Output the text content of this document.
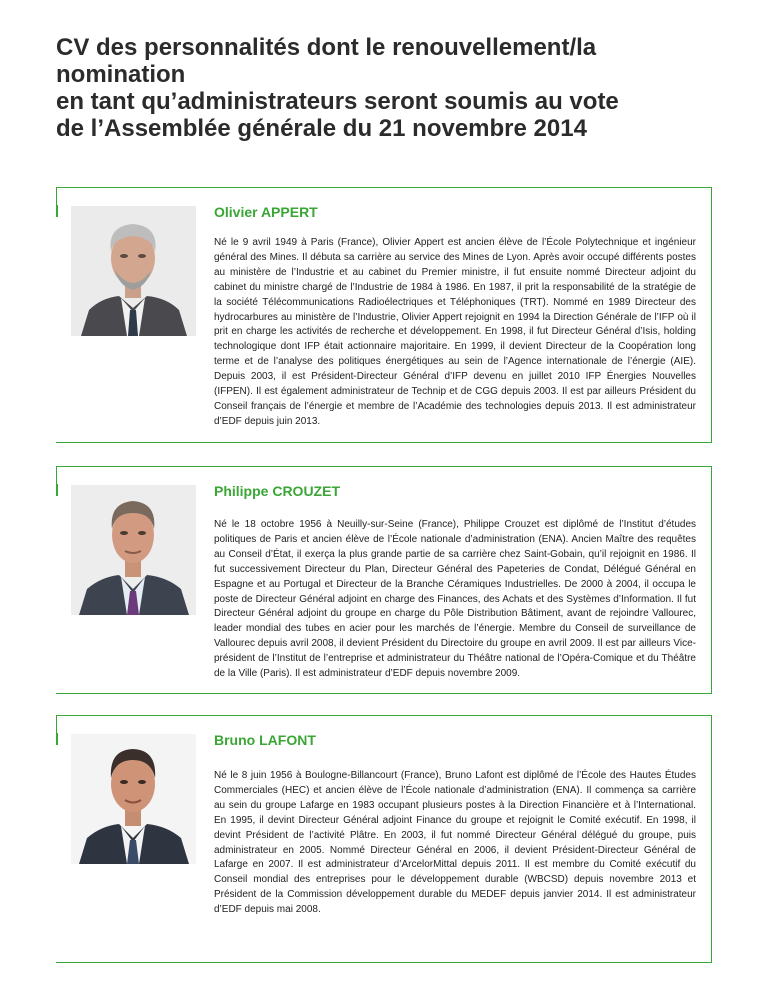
CV des personnalités dont le renouvellement/la nomination
en tant qu’administrateurs seront soumis au vote
de l’Assemblée générale du 21 novembre 2014
Olivier APPERT

Né le 9 avril 1949 à Paris (France), Olivier Appert est ancien élève de l’École Polytechnique et ingénieur général des Mines. Il débuta sa carrière au service des Mines de Lyon. Après avoir occupé différents postes au ministère de l’Industrie et au cabinet du Premier ministre, il fut ensuite nommé Directeur adjoint du cabinet du ministre chargé de l’Industrie de 1984 à 1986. En 1987, il prit la responsabilité de la stratégie de la société Télécommunications Radioélectriques et Téléphoniques (TRT). Nommé en 1989 Directeur des hydrocarbures au ministère de l’Industrie, Olivier Appert rejoignit en 1994 la Direction Générale de l’IFP où il prit en charge les activités de recherche et développement. En 1998, il fut Directeur Général d’Isis, holding technologique dont IFP était actionnaire majoritaire. En 1999, il devient Directeur de la Coopération long terme et de l’analyse des politiques énergétiques au sein de l’Agence internationale de l’énergie (AIE). Depuis 2003, il est Président-Directeur Général d’IFP devenu en juillet 2010 IFP Énergies Nouvelles (IFPEN). Il est également administrateur de Technip et de CGG depuis 2003. Il est par ailleurs Président du Conseil français de l’énergie et membre de l’Académie des technologies depuis 2013. Il est administrateur d’EDF depuis juin 2013.

Philippe CROUZET

Né le 18 octobre 1956 à Neuilly-sur-Seine (France), Philippe Crouzet est diplômé de l’Institut d’études politiques de Paris et ancien élève de l’École nationale d’administration (ENA). Ancien Maître des requêtes au Conseil d’État, il exerça la plus grande partie de sa carrière chez Saint-Gobain, qu’il rejoignit en 1986. Il fut successivement Directeur du Plan, Directeur Général des Papeteries de Condat, Délégué Général en Espagne et au Portugal et Directeur de la Branche Céramiques Industrielles. De 2000 à 2004, il occupa le poste de Directeur Général adjoint en charge des Finances, des Achats et des Systèmes d’Information. Il fut Directeur Général adjoint du groupe en charge du Pôle Distribution Bâtiment, avant de rejoindre Vallourec, leader mondial des tubes en acier pour les marchés de l’énergie. Membre du Conseil de surveillance de Vallourec depuis avril 2008, il devient Président du Directoire du groupe en avril 2009. Il est par ailleurs Vice-président de l’Institut de l’entreprise et administrateur du Théâtre national de l’Opéra-Comique et du Théâtre de la Ville (Paris). Il est administrateur d’EDF depuis novembre 2009.

Bruno LAFONT

Né le 8 juin 1956 à Boulogne-Billancourt (France), Bruno Lafont est diplômé de l’École des Hautes Études Commerciales (HEC) et ancien élève de l’École nationale d’administration (ENA). Il commença sa carrière au sein du groupe Lafarge en 1983 occupant plusieurs postes à la Direction Financière et à l’International. En 1995, il devint Directeur Général adjoint Finance du groupe et rejoignit le Comité exécutif. En 1998, il devint Président de l’activité Plâtre. En 2003, il fut nommé Directeur Général délégué du groupe, puis administrateur en 2005. Nommé Directeur Général en 2006, il devient Président-Directeur Général de Lafarge en 2007. Il est administrateur d’ArcelorMittal depuis 2011. Il est membre du Comité exécutif du Conseil mondial des entreprises pour le développement durable (WBCSD) depuis novembre 2013 et Président de la Commission développement durable du MEDEF depuis janvier 2014. Il est administrateur d’EDF depuis mai 2008.
